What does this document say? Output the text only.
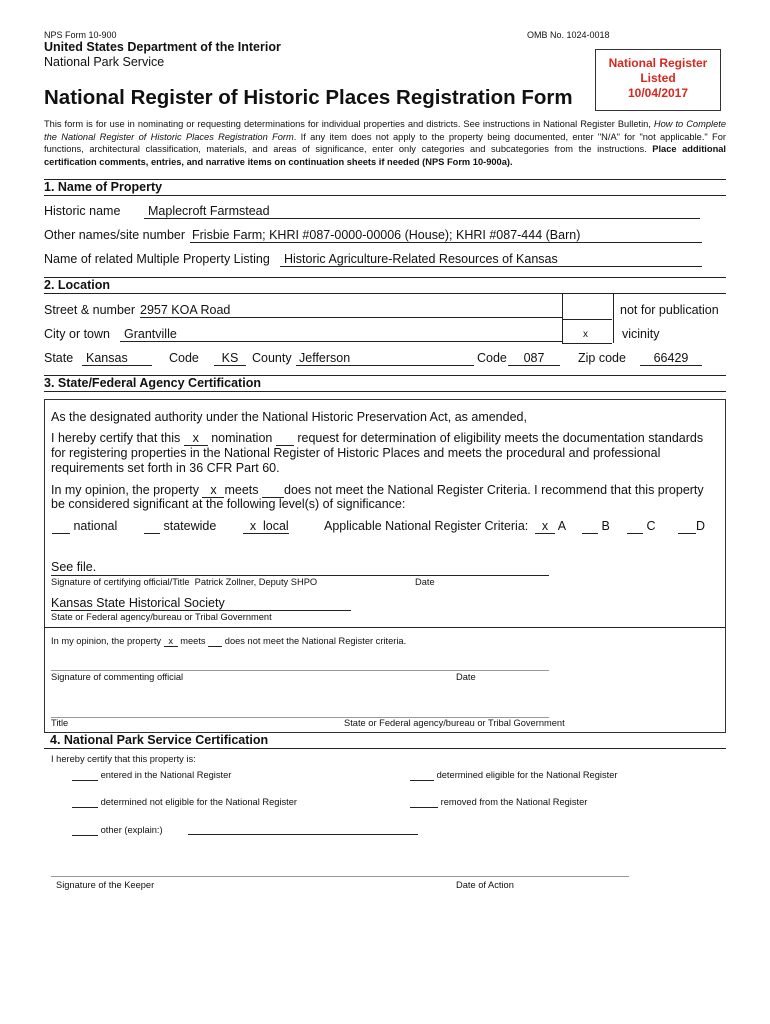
NPS Form 10-900	OMB No. 1024-0018
United States Department of the Interior
National Park Service
National Register of Historic Places Registration Form
National Register
Listed
10/04/2017
This form is for use in nominating or requesting determinations for individual properties and districts. See instructions in National Register Bulletin, How to Complete the National Register of Historic Places Registration Form. If any item does not apply to the property being documented, enter "N/A" for "not applicable." For functions, architectural classification, materials, and areas of significance, enter only categories and subcategories from the instructions. Place additional certification comments, entries, and narrative items on continuation sheets if needed (NPS Form 10-900a).
1. Name of Property
Historic name	Maplecroft Farmstead
Other names/site number Frisbie Farm; KHRI #087-0000-00006 (House); KHRI #087-444 (Barn)
Name of related Multiple Property Listing	Historic Agriculture-Related Resources of Kansas
2. Location
Street & number 2957 KOA Road	not for publication
City or town	Grantville	x	vicinity
State	Kansas	Code	KS	County Jefferson	Code	087	Zip code	66429
3. State/Federal Agency Certification
As the designated authority under the National Historic Preservation Act, as amended,
I hereby certify that this x nomination request for determination of eligibility meets the documentation standards
for registering properties in the National Register of Historic Places and meets the procedural and professional
requirements set forth in 36 CFR Part 60.
In my opinion, the property x meets does not meet the National Register Criteria. I recommend that this property
be considered significant at the following level(s) of significance:
national	statewide	x local	Applicable National Register Criteria:	x A	B	C	D
See file.
Signature of certifying official/Title Patrick Zollner, Deputy SHPO	Date
Kansas State Historical Society
State or Federal agency/bureau or Tribal Government
In my opinion, the property x meets does not meet the National Register criteria.
Signature of commenting official	Date
Title	State or Federal agency/bureau or Tribal Government
4. National Park Service Certification
I hereby certify that this property is:
entered in the National Register	determined eligible for the National Register
determined not eligible for the National Register	removed from the National Register
other (explain:)
Signature of the Keeper	Date of Action
